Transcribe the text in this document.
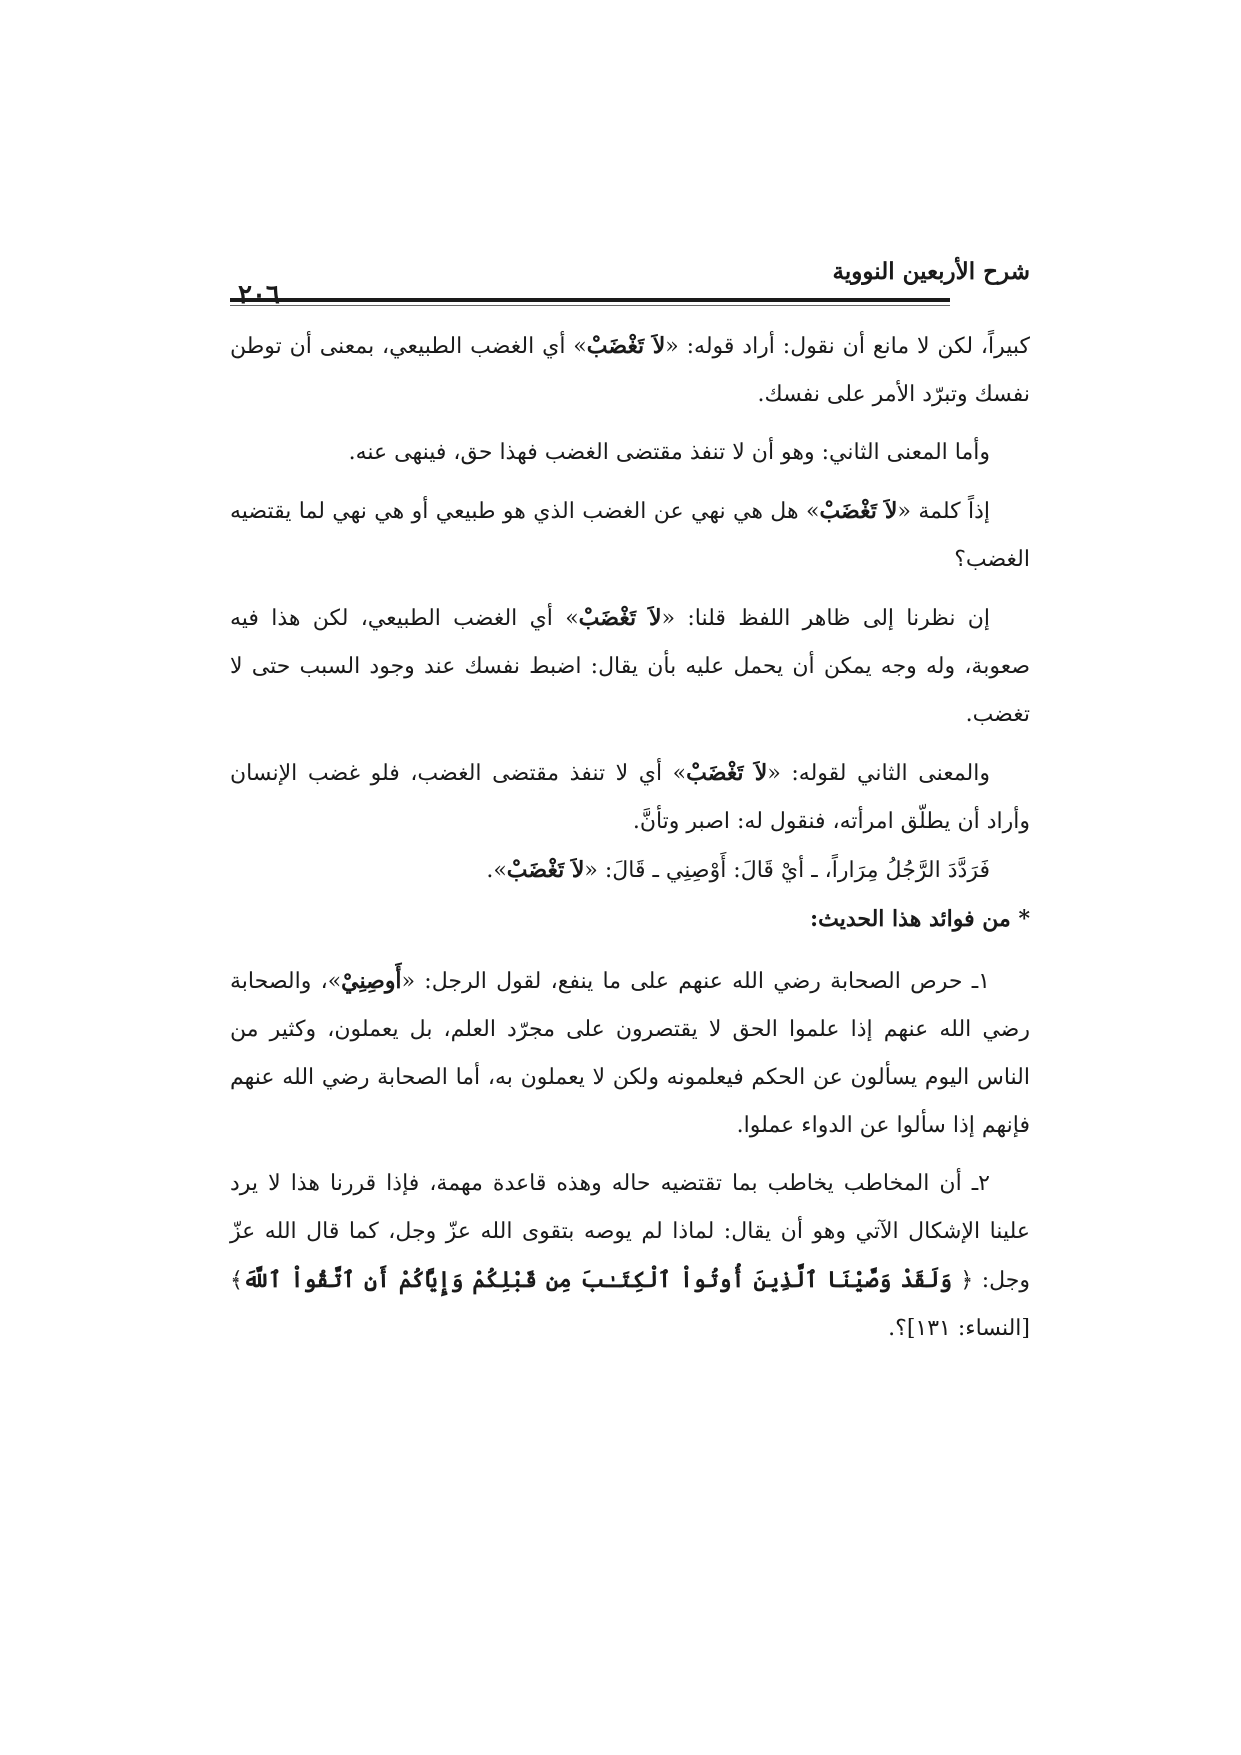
شرح الأربعين النووية
٢٠٦

كبيراً، لكن لا مانع أن نقول: أراد قوله: «لاَ تَغْضَبْ» أي الغضب الطبيعي، بمعنى أن توطن نفسك وتبرّد الأمر على نفسك.

وأما المعنى الثاني: وهو أن لا تنفذ مقتضى الغضب فهذا حق، فينهى عنه.

إذاً كلمة «لاَ تَغْضَبْ» هل هي نهي عن الغضب الذي هو طبيعي أو هي نهي لما يقتضيه الغضب؟

إن نظرنا إلى ظاهر اللفظ قلنا: «لاَ تَغْضَبْ» أي الغضب الطبيعي، لكن هذا فيه صعوبة، وله وجه يمكن أن يحمل عليه بأن يقال: اضبط نفسك عند وجود السبب حتى لا تغضب.

والمعنى الثاني لقوله: «لاَ تَغْضَبْ» أي لا تنفذ مقتضى الغضب، فلو غضب الإنسان وأراد أن يطلّق امرأته، فنقول له: اصبر وتأنَّ.

فَرَدَّدَ الرَّجُلُ مِرَاراً، ـ أيْ قَالَ: أَوْصِنِي ـ قَالَ: «لاَ تَغْضَبْ».

* من فوائد هذا الحديث:

١ـ حرص الصحابة رضي الله عنهم على ما ينفع، لقول الرجل: «أَوصِنِيْ»، والصحابة رضي الله عنهم إذا علموا الحق لا يقتصرون على مجرّد العلم، بل يعملون، وكثير من الناس اليوم يسألون عن الحكم فيعلمونه ولكن لا يعملون به، أما الصحابة رضي الله عنهم فإنهم إذا سألوا عن الدواء عملوا.

٢ـ أن المخاطب يخاطب بما تقتضيه حاله وهذه قاعدة مهمة، فإذا قررنا هذا لا يرد علينا الإشكال الآتي وهو أن يقال: لماذا لم يوصه بتقوى الله عزّ وجل، كما قال الله عزّ وجل: ﴿ وَلَقَدْ وَصَّيْنَا ٱلَّذِينَ أُوتُواْ ٱلْكِتَـٰبَ مِن قَبْلِكُمْ وَإِيَّاكُمْ أَنِ ٱتَّقُواْ ٱللَّهَ﴾ [النساء: ١٣١]؟.
